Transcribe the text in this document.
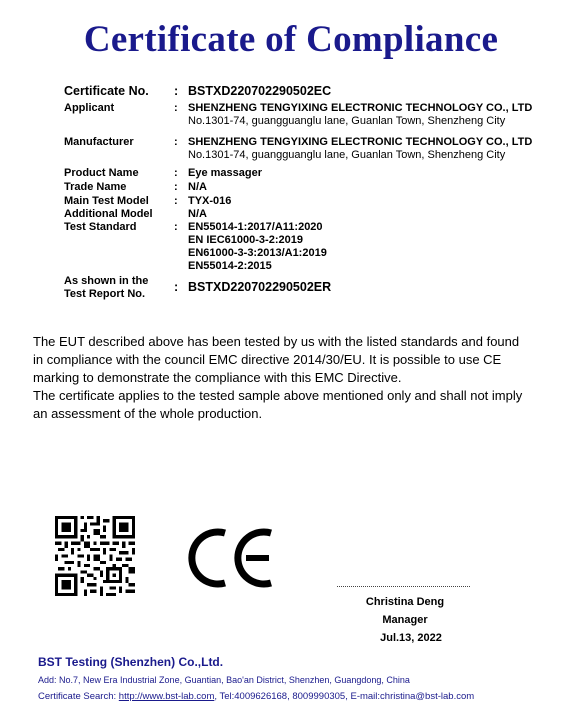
Certificate of Compliance
Certificate No.	: BSTXD220702290502EC
Applicant	: SHENZHENG TENGYIXING ELECTRONIC TECHNOLOGY CO., LTD
No.1301-74, guangguanglu lane, Guanlan Town, Shenzheng City
Manufacturer	: SHENZHENG TENGYIXING ELECTRONIC TECHNOLOGY CO., LTD
No.1301-74, guangguanglu lane, Guanlan Town, Shenzheng City
Product Name	: Eye massager
Trade Name	: N/A
Main Test Model	: TYX-016
Additional Model	N/A
Test Standard	: EN55014-1:2017/A11:2020
EN IEC61000-3-2:2019
EN61000-3-3:2013/A1:2019
EN55014-2:2015
As shown in the
Test Report No.	: BSTXD220702290502ER
The EUT described above has been tested by us with the listed standards and found
in compliance with the council EMC directive 2014/30/EU. It is possible to use CE
marking to demonstrate the compliance with this EMC Directive.
The certificate applies to the tested sample above mentioned only and shall not imply
an assessment of the whole production.
Christina Deng
Manager
Jul.13, 2022
BST Testing (Shenzhen) Co.,Ltd.
Add: No.7, New Era Industrial Zone, Guantian, Bao'an District, Shenzhen, Guangdong, China
Certificate Search: http://www.bst-lab.com, Tel:4009626168, 8009990305, E-mail:christina@bst-lab.com
